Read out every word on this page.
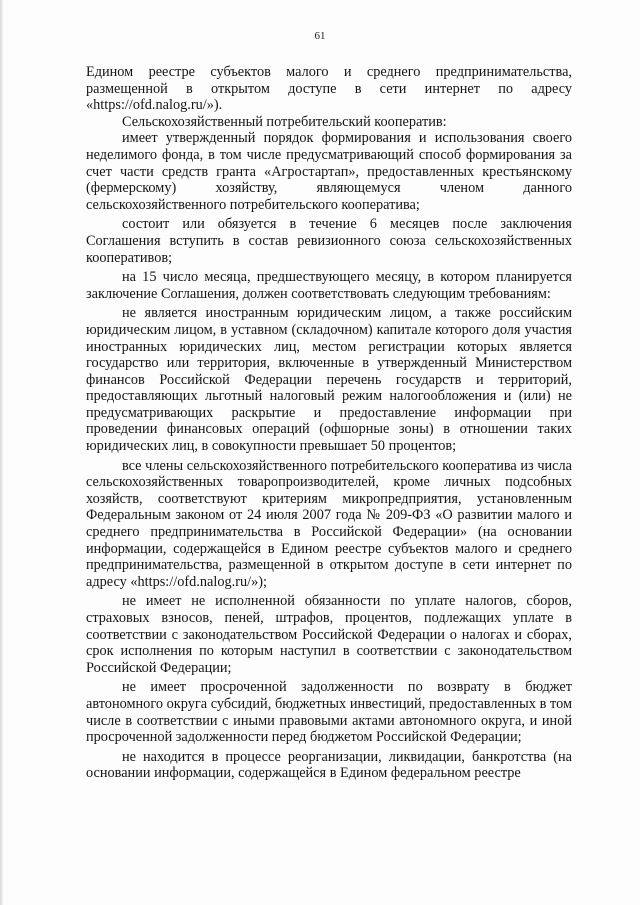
61

Едином реестре субъектов малого и среднего предпринимательства, размещенной в открытом доступе в сети интернет по адресу «https://ofd.nalog.ru/»).

Сельскохозяйственный потребительский кооператив:

имеет утвержденный порядок формирования и использования своего неделимого фонда, в том числе предусматривающий способ формирования за счет части средств гранта «Агростартап», предоставленных крестьянскому (фермерскому) хозяйству, являющемуся членом данного сельскохозяйственного потребительского кооператива;

состоит или обязуется в течение 6 месяцев после заключения Соглашения вступить в состав ревизионного союза сельскохозяйственных кооперативов;

на 15 число месяца, предшествующего месяцу, в котором планируется заключение Соглашения, должен соответствовать следующим требованиям:

не является иностранным юридическим лицом, а также российским юридическим лицом, в уставном (складочном) капитале которого доля участия иностранных юридических лиц, местом регистрации которых является государство или территория, включенные в утвержденный Министерством финансов Российской Федерации перечень государств и территорий, предоставляющих льготный налоговый режим налогообложения и (или) не предусматривающих раскрытие и предоставление информации при проведении финансовых операций (офшорные зоны) в отношении таких юридических лиц, в совокупности превышает 50 процентов;

все члены сельскохозяйственного потребительского кооператива из числа сельскохозяйственных товаропроизводителей, кроме личных подсобных хозяйств, соответствуют критериям микропредприятия, установленным Федеральным законом от 24 июля 2007 года № 209-ФЗ «О развитии малого и среднего предпринимательства в Российской Федерации» (на основании информации, содержащейся в Едином реестре субъектов малого и среднего предпринимательства, размещенной в открытом доступе в сети интернет по адресу «https://ofd.nalog.ru/»);

не имеет не исполненной обязанности по уплате налогов, сборов, страховых взносов, пеней, штрафов, процентов, подлежащих уплате в соответствии с законодательством Российской Федерации о налогах и сборах, срок исполнения по которым наступил в соответствии с законодательством Российской Федерации;

не имеет просроченной задолженности по возврату в бюджет автономного округа субсидий, бюджетных инвестиций, предоставленных в том числе в соответствии с иными правовыми актами автономного округа, и иной просроченной задолженности перед бюджетом Российской Федерации;

не находится в процессе реорганизации, ликвидации, банкротства (на основании информации, содержащейся в Едином федеральном реестре
